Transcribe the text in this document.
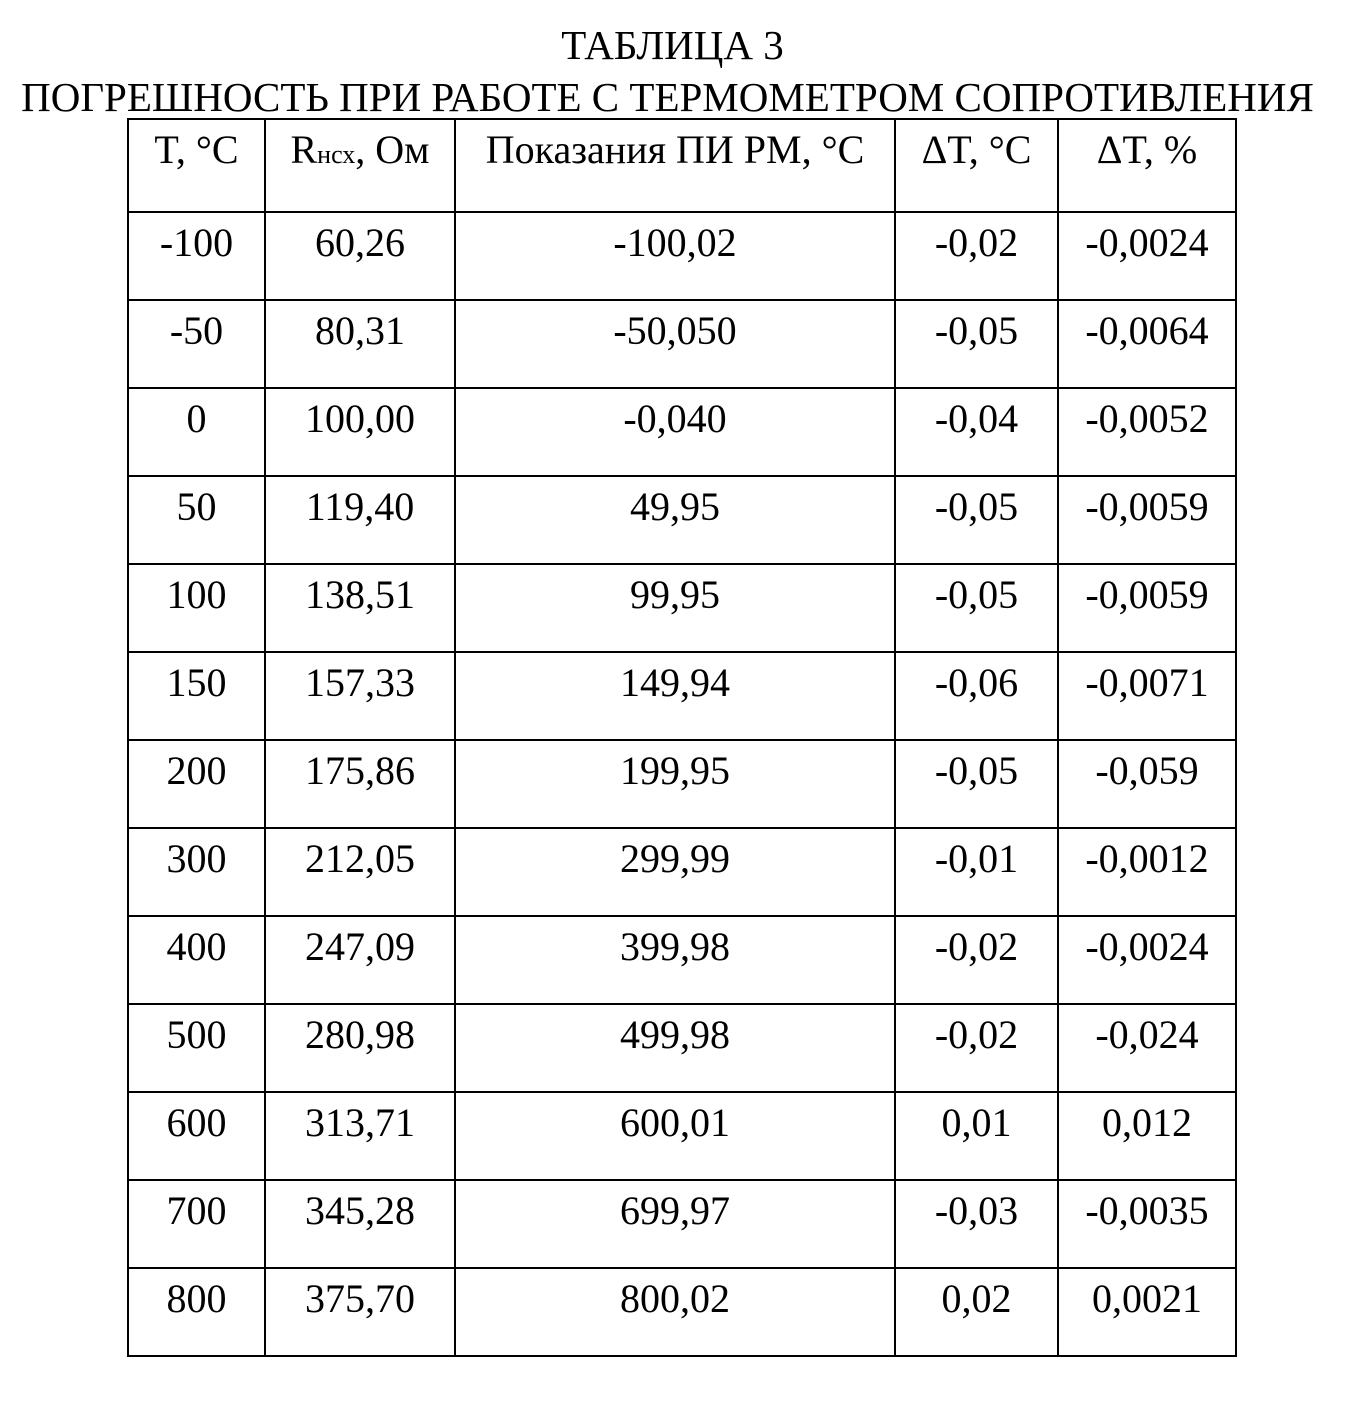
ТАБЛИЦА 3
ПОГРЕШНОСТЬ ПРИ РАБОТЕ С ТЕРМОМЕТРОМ СОПРОТИВЛЕНИЯ
T, °C	Rнсх, Ом	Показания ПИ РМ, °C	ΔT, °C	ΔT, %
-100	60,26	-100,02	-0,02	-0,0024
-50	80,31	-50,050	-0,05	-0,0064
0	100,00	-0,040	-0,04	-0,0052
50	119,40	49,95	-0,05	-0,0059
100	138,51	99,95	-0,05	-0,0059
150	157,33	149,94	-0,06	-0,0071
200	175,86	199,95	-0,05	-0,059
300	212,05	299,99	-0,01	-0,0012
400	247,09	399,98	-0,02	-0,0024
500	280,98	499,98	-0,02	-0,024
600	313,71	600,01	0,01	0,012
700	345,28	699,97	-0,03	-0,0035
800	375,70	800,02	0,02	0,0021
